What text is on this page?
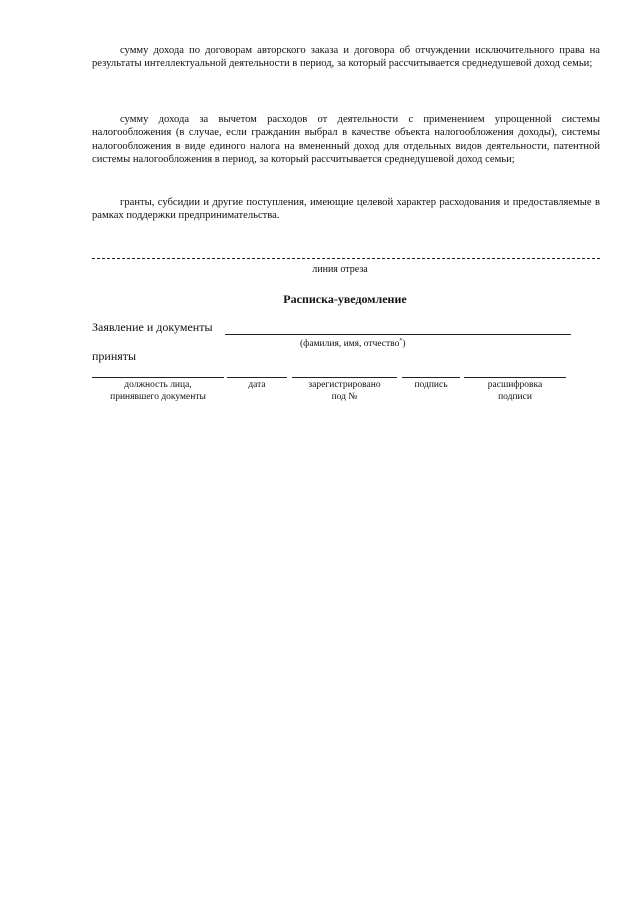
сумму дохода по договорам авторского заказа и договора об отчуждении исключительного права на результаты интеллектуальной деятельности в период, за который рассчитывается среднедушевой доход семьи;

сумму дохода за вычетом расходов от деятельности с применением упрощенной системы налогообложения (в случае, если гражданин выбрал в качестве объекта налогообложения доходы), системы налогообложения в виде единого налога на вмененный доход для отдельных видов деятельности, патентной системы налогообложения в период, за который рассчитывается среднедушевой доход семьи;

гранты, субсидии и другие поступления, имеющие целевой характер расходования и предоставляемые в рамках поддержки предпринимательства.

линия отреза
Расписка-уведомление
Заявление и документы
(фамилия, имя, отчество*)
приняты
должность лица,
принявшего документы
дата	зарегистрировано
под №
подпись	расшифровка
подписи
